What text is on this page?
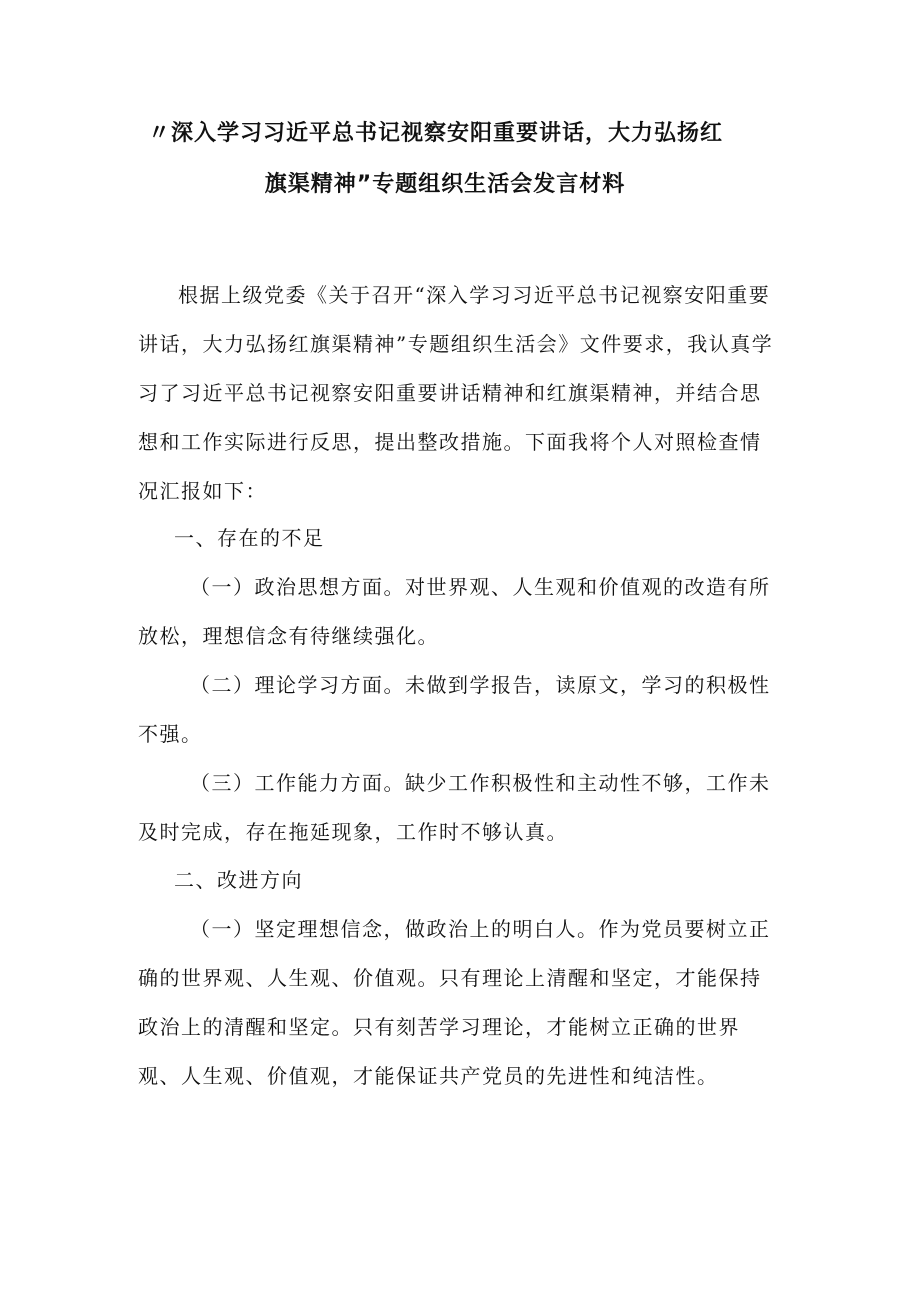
〃深入学习习近平总书记视察安阳重要讲话，大力弘扬红
旗渠精神”专题组织生活会发言材料

根据上级党委《关于召开“深入学习习近平总书记视察安阳重要讲话，大力弘扬红旗渠精神”专题组织生活会》文件要求，我认真学习了习近平总书记视察安阳重要讲话精神和红旗渠精神，并结合思想和工作实际进行反思，提出整改措施。下面我将个人对照检查情况汇报如下：

一、存在的不足

（一）政治思想方面。对世界观、人生观和价值观的改造有所放松，理想信念有待继续强化。

（二）理论学习方面。未做到学报告，读原文，学习的积极性不强。

（三）工作能力方面。缺少工作积极性和主动性不够，工作未及时完成，存在拖延现象，工作时不够认真。

二、改进方向

（一）坚定理想信念，做政治上的明白人。作为党员要树立正确的世界观、人生观、价值观。只有理论上清醒和坚定，才能保持政治上的清醒和坚定。只有刻苦学习理论，才能树立正确的世界观、人生观、价值观，才能保证共产党员的先进性和纯洁性。
